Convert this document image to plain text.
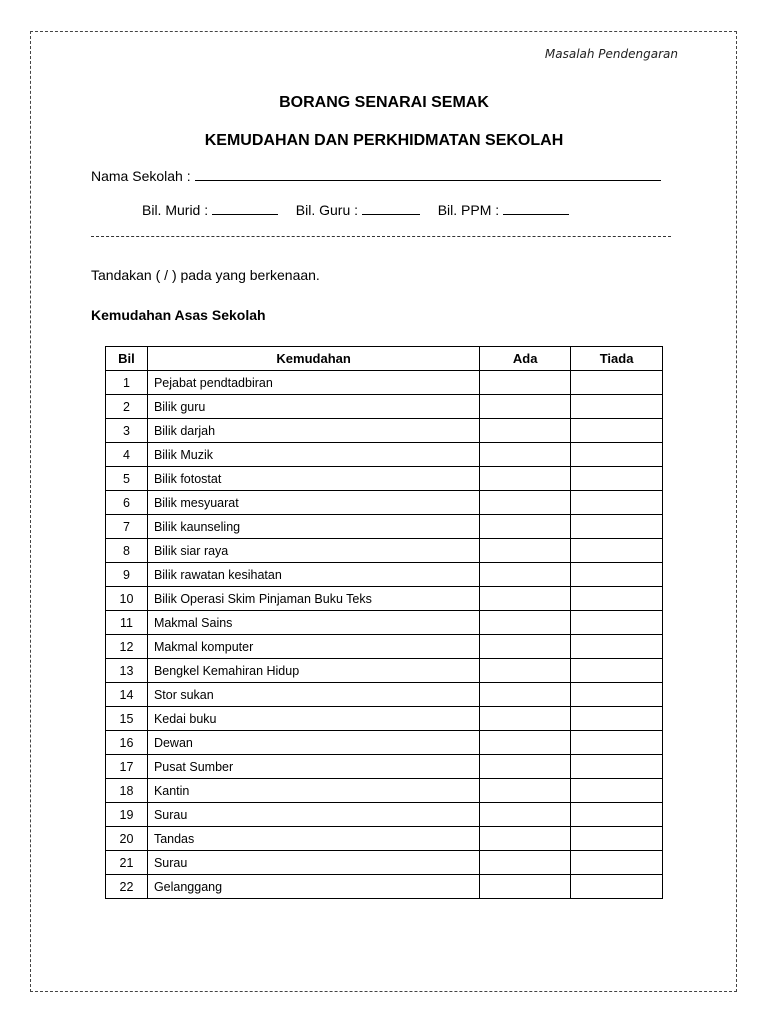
Masalah Pendengaran
BORANG SENARAI SEMAK
KEMUDAHAN DAN PERKHIDMATAN SEKOLAH
Nama Sekolah :
Bil. Murid :	Bil. Guru :	Bil. PPM :
Tandakan ( / ) pada yang berkenaan.
Kemudahan Asas Sekolah
Bil	Kemudahan	Ada	Tiada
1	Pejabat pendtadbiran		
2	Bilik guru		
3	Bilik darjah		
4	Bilik Muzik		
5	Bilik fotostat		
6	Bilik mesyuarat		
7	Bilik kaunseling		
8	Bilik siar raya		
9	Bilik rawatan kesihatan		
10	Bilik Operasi Skim Pinjaman Buku Teks		
11	Makmal Sains		
12	Makmal komputer		
13	Bengkel Kemahiran Hidup		
14	Stor sukan		
15	Kedai buku		
16	Dewan		
17	Pusat Sumber		
18	Kantin		
19	Surau		
20	Tandas		
21	Surau		
22	Gelanggang		
